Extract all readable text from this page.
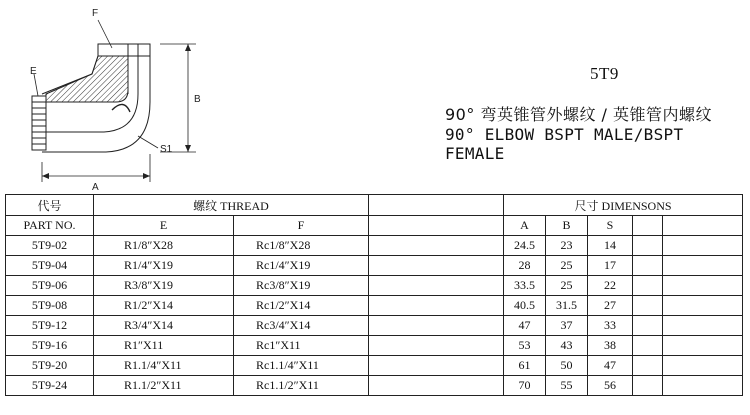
F
E
B
A
S1
5T9
90° 弯英锥管外螺纹 / 英锥管内螺纹
90° ELBOW BSPT MALE/BSPT FEMALE
代号	螺纹 THREAD			尺寸 DIMENSONS				
PART NO.	E	F		A	B	S		
5T9-02	R1/8″X28	Rc1/8″X28		24.5	23	14		
5T9-04	R1/4″X19	Rc1/4″X19		28	25	17		
5T9-06	R3/8″X19	Rc3/8″X19		33.5	25	22		
5T9-08	R1/2″X14	Rc1/2″X14		40.5	31.5	27		
5T9-12	R3/4″X14	Rc3/4″X14		47	37	33		
5T9-16	R1″X11	Rc1″X11		53	43	38		
5T9-20	R1.1/4″X11	Rc1.1/4″X11		61	50	47		
5T9-24	R1.1/2″X11	Rc1.1/2″X11		70	55	56		
